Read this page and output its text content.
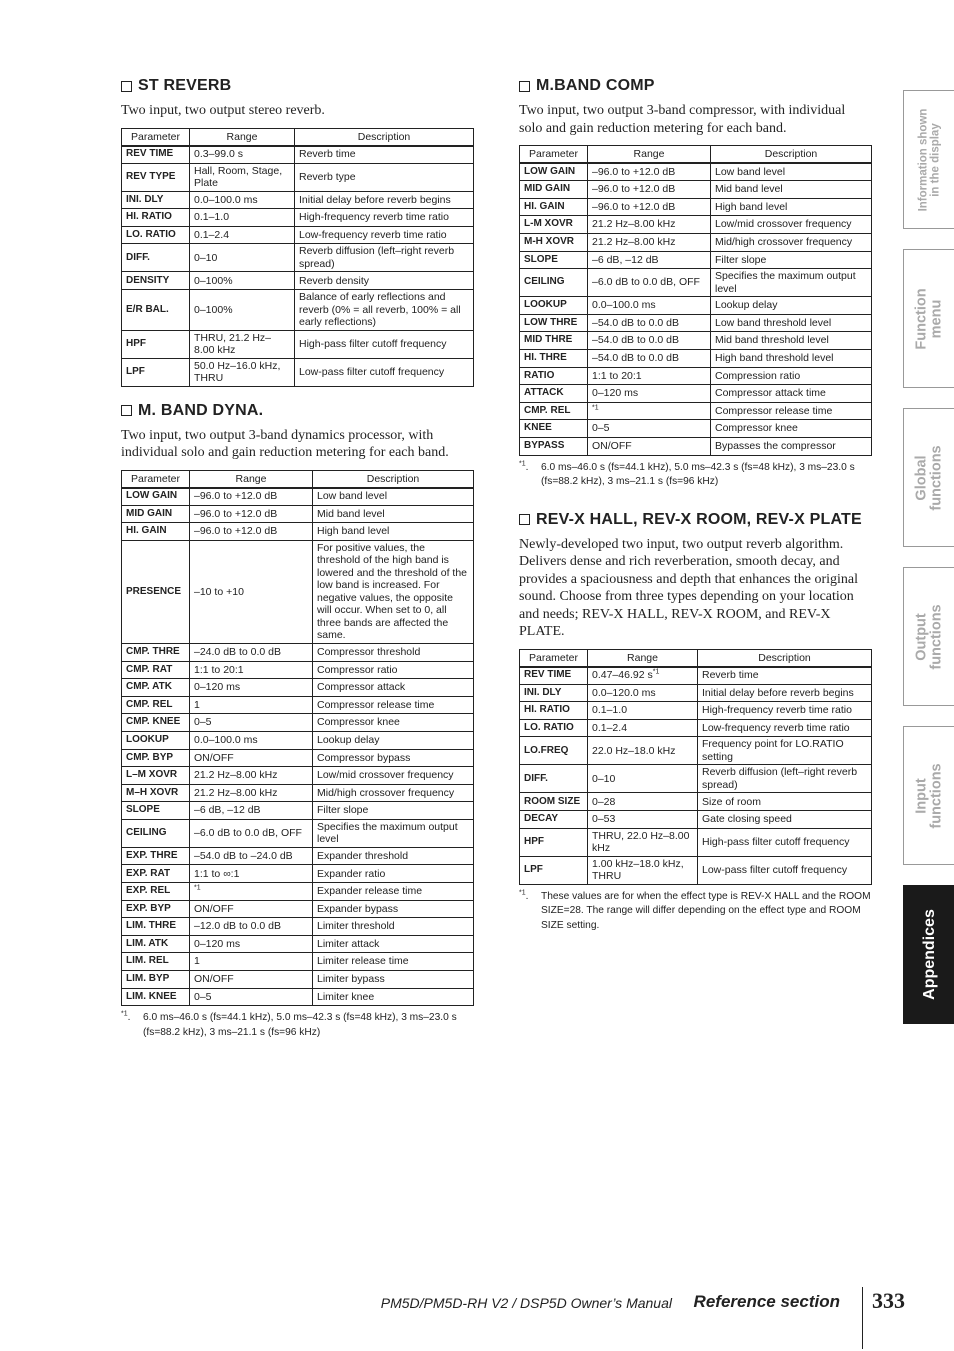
ST REVERB

Two input, two output stereo reverb.

Parameter	Range	Description
REV TIME	0.3–99.0 s	Reverb time
REV TYPE	Hall, Room, Stage, Plate	Reverb type
INI. DLY	0.0–100.0 ms	Initial delay before reverb begins
HI. RATIO	0.1–1.0	High-frequency reverb time ratio
LO. RATIO	0.1–2.4	Low-frequency reverb time ratio
DIFF.	0–10	Reverb diffusion (left–right reverb spread)
DENSITY	0–100%	Reverb density
E/R BAL.	0–100%	Balance of early reflections and reverb (0% = all reverb, 100% = all early reflections)
HPF	THRU, 21.2 Hz–8.00 kHz	High-pass filter cutoff frequency
LPF	50.0 Hz–16.0 kHz, THRU	Low-pass filter cutoff frequency
M. BAND DYNA.

Two input, two output 3-band dynamics processor, with individual solo and gain reduction metering for each band.

Parameter	Range	Description
LOW GAIN	–96.0 to +12.0 dB	Low band level
MID GAIN	–96.0 to +12.0 dB	Mid band level
HI. GAIN	–96.0 to +12.0 dB	High band level
PRESENCE	–10 to +10	For positive values, the threshold of the high band is lowered and the threshold of the low band is increased. For negative values, the opposite will occur. When set to 0, all three bands are affected the same.
CMP. THRE	–24.0 dB to 0.0 dB	Compressor threshold
CMP. RAT	1:1 to 20:1	Compressor ratio
CMP. ATK	0–120 ms	Compressor attack
CMP. REL	1	Compressor release time
CMP. KNEE	0–5	Compressor knee
LOOKUP	0.0–100.0 ms	Lookup delay
CMP. BYP	ON/OFF	Compressor bypass
L–M XOVR	21.2 Hz–8.00 kHz	Low/mid crossover frequency
M–H XOVR	21.2 Hz–8.00 kHz	Mid/high crossover frequency
SLOPE	–6 dB, –12 dB	Filter slope
CEILING	–6.0 dB to 0.0 dB, OFF	Specifies the maximum output level
EXP. THRE	–54.0 dB to –24.0 dB	Expander threshold
EXP. RAT	1:1 to ∞:1	Expander ratio
EXP. REL	$^{*1}$	Expander release time
EXP. BYP	ON/OFF	Expander bypass
LIM. THRE	–12.0 dB to 0.0 dB	Limiter threshold
LIM. ATK	0–120 ms	Limiter attack
LIM. REL	1	Limiter release time
LIM. BYP	ON/OFF	Limiter bypass
LIM. KNEE	0–5	Limiter knee
$^{*1}$.	6.0 ms–46.0 s (fs=44.1 kHz), 5.0 ms–42.3 s (fs=48 kHz), 3 ms–23.0 s (fs=88.2 kHz), 3 ms–21.1 s (fs=96 kHz)
M.BAND COMP

Two input, two output 3-band compressor, with individual solo and gain reduction metering for each band.

Parameter	Range	Description
LOW GAIN	–96.0 to +12.0 dB	Low band level
MID GAIN	–96.0 to +12.0 dB	Mid band level
HI. GAIN	–96.0 to +12.0 dB	High band level
L-M XOVR	21.2 Hz–8.00 kHz	Low/mid crossover frequency
M-H XOVR	21.2 Hz–8.00 kHz	Mid/high crossover frequency
SLOPE	–6 dB, –12 dB	Filter slope
CEILING	–6.0 dB to 0.0 dB, OFF	Specifies the maximum output level
LOOKUP	0.0–100.0 ms	Lookup delay
LOW THRE	–54.0 dB to 0.0 dB	Low band threshold level
MID THRE	–54.0 dB to 0.0 dB	Mid band threshold level
HI. THRE	–54.0 dB to 0.0 dB	High band threshold level
RATIO	1:1 to 20:1	Compression ratio
ATTACK	0–120 ms	Compressor attack time
CMP. REL	$^{*1}$	Compressor release time
KNEE	0–5	Compressor knee
BYPASS	ON/OFF	Bypasses the compressor
$^{*1}$.	6.0 ms–46.0 s (fs=44.1 kHz), 5.0 ms–42.3 s (fs=48 kHz), 3 ms–23.0 s (fs=88.2 kHz), 3 ms–21.1 s (fs=96 kHz)
REV-X HALL, REV-X ROOM, REV-X PLATE

Newly-developed two input, two output reverb algorithm. Delivers dense and rich reverberation, smooth decay, and provides a spaciousness and depth that enhances the original sound. Choose from three types depending on your location and needs; REV-X HALL, REV-X ROOM, and REV-X PLATE.

Parameter	Range	Description
REV TIME	0.47–46.92 $s^{*1}$	Reverb time
INI. DLY	0.0–120.0 ms	Initial delay before reverb begins
HI. RATIO	0.1–1.0	High-frequency reverb time ratio
LO. RATIO	0.1–2.4	Low-frequency reverb time ratio
LO.FREQ	22.0 Hz–18.0 kHz	Frequency point for LO.RATIO setting
DIFF.	0–10	Reverb diffusion (left–right reverb spread)
ROOM SIZE	0–28	Size of room
DECAY	0–53	Gate closing speed
HPF	THRU, 22.0 Hz–8.00 kHz	High-pass filter cutoff frequency
LPF	1.00 kHz–18.0 kHz, THRU	Low-pass filter cutoff frequency
$^{*1}$.	These values are for when the effect type is REV-X HALL and the ROOM SIZE=28. The range will differ depending on the effect type and ROOM SIZE setting.
Information shown
in the display
Function
menu
Global
functions
Output
functions
Input
functions
Appendices
PM5D/PM5D-RH V2 / DSP5D Owner’s Manual Reference section 333
